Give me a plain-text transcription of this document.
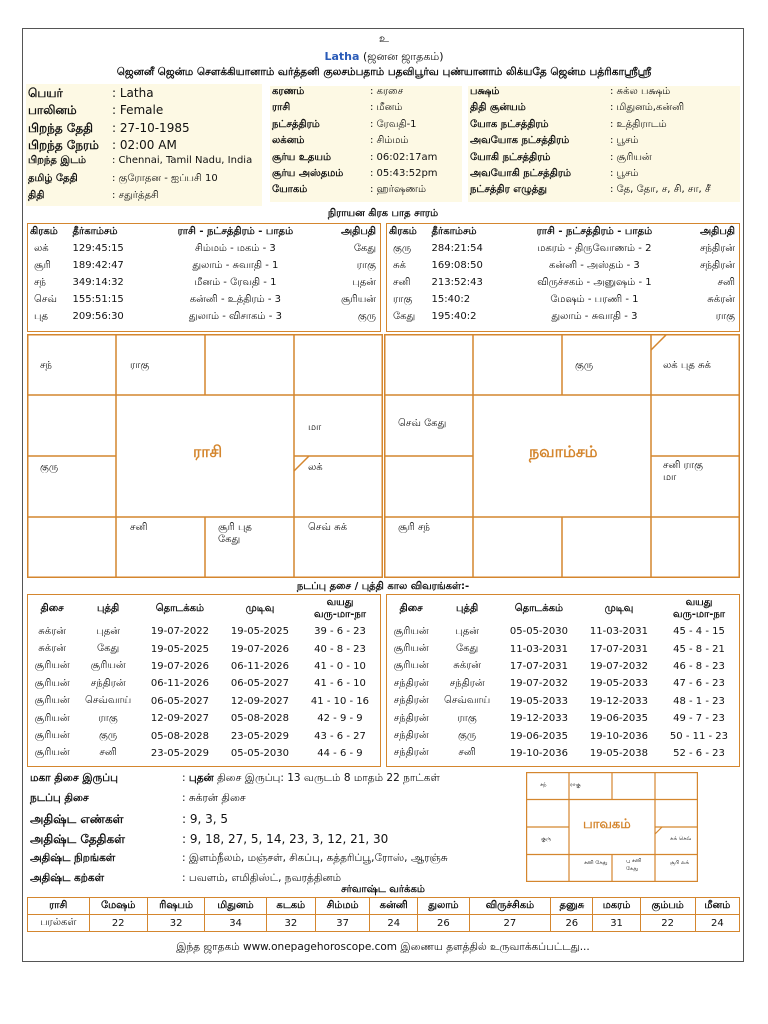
உ
Latha (ஜனன ஜாதகம்)
ஜெனனீ ஜென்ம சௌக்கியானாம் வர்த்தனி குலசம்பதாம் பதவிபூர்வ புண்யானாம் லிக்யதே ஜென்ம பத்ரிகாஸ்ரீஸ்ரீ
பெயர்	: Latha
பாலினம்	: Female
பிறந்த தேதி : 27-10-1985
பிறந்த நேரம் : 02:00 AM
பிறந்த இடம்	: Chennai, Tamil Nadu, India
தமிழ் தேதி	: குரோதன - ஐப்பசி 10
திதி	: சதுர்த்தசி
கரணம்	: கரசை
ராசி	: மீனம்
நட்சத்திரம்	: ரேவதி-1
லக்னம்	: சிம்மம்
சூர்ய உதயம்	: 06:02:17am
சூர்ய அஸ்தமம்	: 05:43:52pm
யோகம்	: ஹர்ஷணம்
பக்ஷம்	: சுக்ல பக்ஷம்
திதி சூன்யம்	: மிதுனம்,கன்னி
யோக நட்சத்திரம்	: உத்திராடம்
அவயோக நட்சத்திரம்	: பூசம்
யோகி நட்சத்திரம்	: சூரியன்
அவயோகி நட்சத்திரம்	: பூசம்
நட்சத்திர எழுத்து	: தே, தோ, ச, சி, சா, சீ
நிராயன கிரக பாத சாரம்
கிரகம்	தீர்காம்சம்	ராசி - நட்சத்திரம் - பாதம்	அதிபதி
லக்	129:45:15	சிம்மம் - மகம் - 3	கேது
சூரி	189:42:47	துலாம் - சுவாதி - 1	ராகு
சந்	349:14:32	மீனம் - ரேவதி - 1	புதன்
செவ்	155:51:15	கன்னி - உத்திரம் - 3	சூரியன்
புத	209:56:30	துலாம் - விசாகம் - 3	குரு
கிரகம்	தீர்காம்சம்	ராசி - நட்சத்திரம் - பாதம்	அதிபதி
குரு	284:21:54	மகரம் - திருவோணம் - 2	சந்திரன்
சுக்	169:08:50	கன்னி - அஸ்தம் - 3	சந்திரன்
சனி	213:52:43	விருச்சகம் - அனுஷம் - 1	சனி
ராகு	15:40:2	மேஷம் - பரணி - 1	சுக்ரன்
கேது	195:40:2	துலாம் - சுவாதி - 3	ராகு
சந்	ராகு
குரு
மா
லக்
சனி	சூரி புத
கேது
செவ் சுக்
ராசி
குரு	லக் புத சுக்
செவ் கேது
சனி ராகு
மா
சூரி சந்
நவாம்சம்
நடப்பு தசை / புத்தி கால விவரங்கள்:-
திசை	புத்தி	தொடக்கம்	முடிவு	வயது
வரு-மா-நா

சுக்ரன்	புதன்	19-07-2022	19-05-2025	39 - 6 - 23
சுக்ரன்	கேது	19-05-2025	19-07-2026	40 - 8 - 23
சூரியன்	சூரியன்	19-07-2026	06-11-2026	41 - 0 - 10
சூரியன்	சந்திரன்	06-11-2026	06-05-2027	41 - 6 - 10
சூரியன்	செவ்வாய்	06-05-2027	12-09-2027	41 - 10 - 16
சூரியன்	ராகு	12-09-2027	05-08-2028	42 - 9 - 9
சூரியன்	குரு	05-08-2028	23-05-2029	43 - 6 - 27
சூரியன்	சனி	23-05-2029	05-05-2030	44 - 6 - 9
திசை	புத்தி	தொடக்கம்	முடிவு	வயது
வரு-மா-நா

சூரியன்	புதன்	05-05-2030	11-03-2031	45 - 4 - 15
சூரியன்	கேது	11-03-2031	17-07-2031	45 - 8 - 21
சூரியன்	சுக்ரன்	17-07-2031	19-07-2032	46 - 8 - 23
சந்திரன்	சந்திரன்	19-07-2032	19-05-2033	47 - 6 - 23
சந்திரன்	செவ்வாய்	19-05-2033	19-12-2033	48 - 1 - 23
சந்திரன்	ராகு	19-12-2033	19-06-2035	49 - 7 - 23
சந்திரன்	குரு	19-06-2035	19-10-2036	50 - 11 - 23
சந்திரன்	சனி	19-10-2036	19-05-2038	52 - 6 - 23
மகா திசை இருப்பு	: புதன் திசை இருப்பு: 13 வருடம் 8 மாதம் 22 நாட்கள்
நடப்பு திசை	: சுக்ரன் திசை
அதிஷ்ட எண்கள்	: 9, 3, 5
அதிஷ்ட தேதிகள்	: 9, 18, 27, 5, 14, 23, 3, 12, 21, 30
அதிஷ்ட நிறங்கள்	: இளம்நீலம், மஞ்சள், சிகப்பு, கத்தரிப்பூ,ரோஸ், ஆரஞ்சு
அதிஷ்ட கற்கள்	: பவளம், எமிதிஸ்ட், நவரத்தினம்
சந்	ராகு
குரு	சுக் செவ்
சனி கேது	பு சனி
கேது
சூரி லக்
பாவகம்
சர்வாஷ்ட வர்க்கம்
ராசி	மேஷம்	ரிஷபம்	மிதுனம்	கடகம்	சிம்மம்	கன்னி	துலாம்	விருச்சிகம்	தனுசு	மகரம்	கும்பம்	மீனம்
பரல்கள்	22	32	34	32	37	24	26	27	26	31	22	24
இந்த ஜாதகம் www.onepagehoroscope.com இணைய தளத்தில் உருவாக்கப்பட்டது...
